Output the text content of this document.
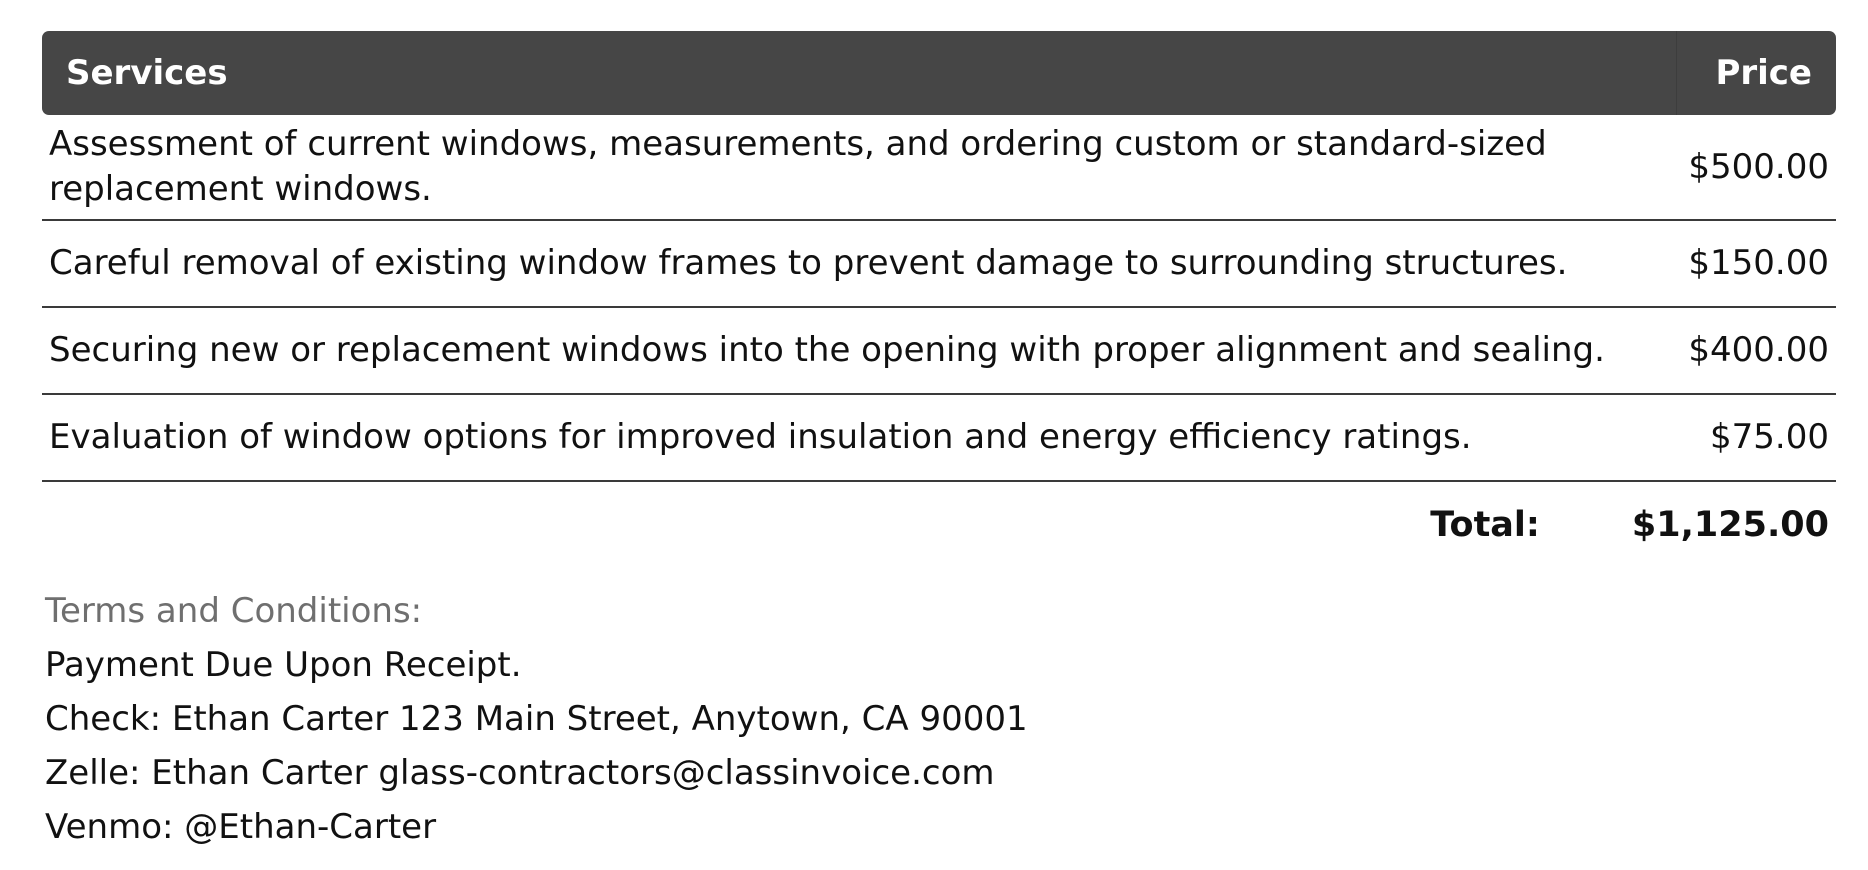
Services	Price
Assessment of current windows, measurements, and ordering custom or standard-sized replacement windows.	$500.00
Careful removal of existing window frames to prevent damage to surrounding structures.	$150.00
Securing new or replacement windows into the opening with proper alignment and sealing.	$400.00
Evaluation of window options for improved insulation and energy efficiency ratings.	$75.00
Total:	$1,125.00
Terms and Conditions:
Payment Due Upon Receipt.
Check: Ethan Carter 123 Main Street, Anytown, CA 90001
Zelle: Ethan Carter glass-contractors@classinvoice.com
Venmo: @Ethan-Carter
